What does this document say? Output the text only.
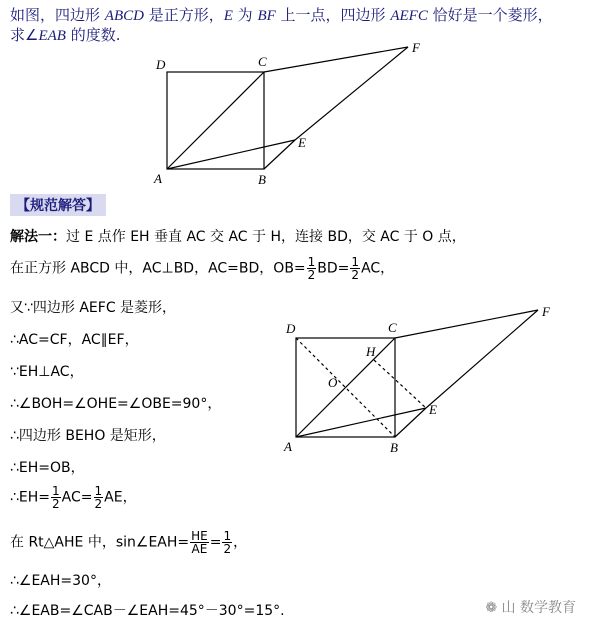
如图，四边形 ABCD 是正方形，E 为 BF 上一点，四边形 AEFC 恰好是一个菱形，
求∠EAB 的度数.
A	B
C
D
E
F
【规范解答】
解法一：过 E 点作 EH 垂直 AC 交 AC 于 H，连接 BD，交 AC 于 O 点，
在正方形 ABCD 中，AC⊥BD，AC=BD，$OB= \frac{1}{2} BD= \frac{1}{2}$ AC，
又∵四边形 AEFC 是菱形，
∴AC=CF，AC∥EF，
∵EH⊥AC，
∴∠BOH=∠OHE=∠OBE=90°，
∴四边形 BEHO 是矩形，
∴EH=OB，
∴EH= $\frac{1}{2} AC= \frac{1}{2}$ AE，
在 Rt△AHE 中，sin∠EAH= $\frac{HE}{AE} = \frac{1}{2}$ ，
∴∠EAH=30°，
∴∠EAB=∠CAB－∠EAH=45°－30°=15°.
A	B
C
D
E
F
H
O
❁ 山 数学教育
